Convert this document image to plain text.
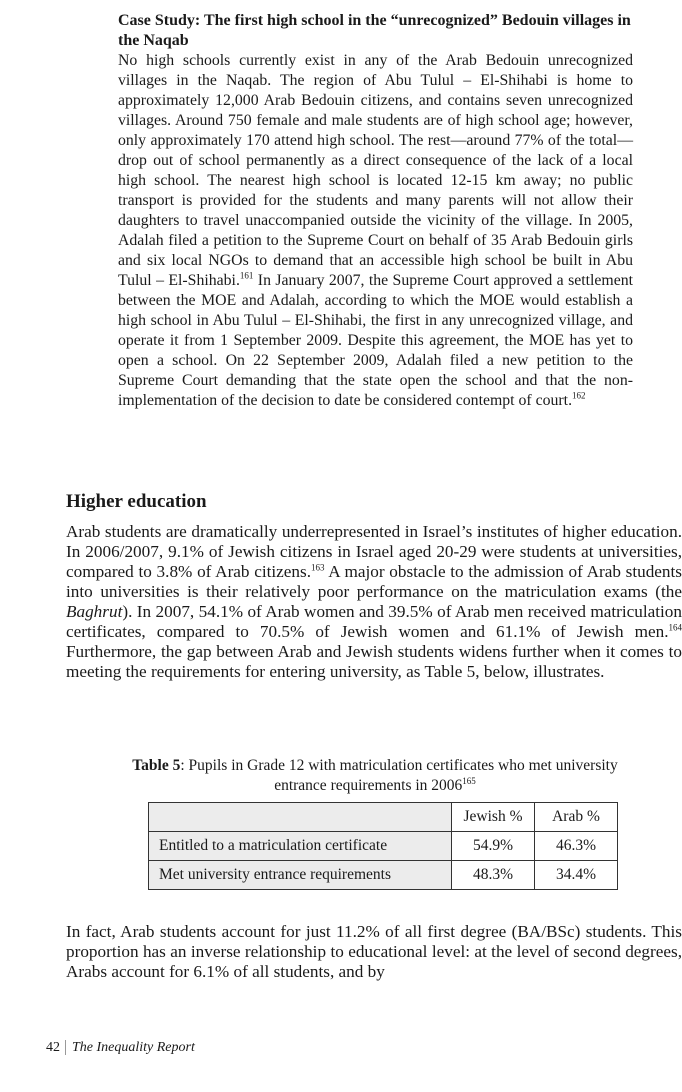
Case Study: The first high school in the “unrecognized” Bedouin villages in the Naqab

No high schools currently exist in any of the Arab Bedouin unrecognized villages in the Naqab. The region of Abu Tulul – El-Shihabi is home to approximately 12,000 Arab Bedouin citizens, and contains seven unrecognized villages. Around 750 female and male students are of high school age; however, only approximately 170 attend high school. The rest—around 77% of the total—drop out of school permanently as a direct consequence of the lack of a local high school. The nearest high school is located 12-15 km away; no public transport is provided for the students and many parents will not allow their daughters to travel unaccompanied outside the vicinity of the village. In 2005, Adalah filed a petition to the Supreme Court on behalf of 35 Arab Bedouin girls and six local NGOs to demand that an accessible high school be built in Abu Tulul – El-Shihabi.$^{161}$ In January 2007, the Supreme Court approved a settlement between the MOE and Adalah, according to which the MOE would establish a high school in Abu Tulul – El-Shihabi, the first in any unrecognized village, and operate it from 1 September 2009. Despite this agreement, the MOE has yet to open a school. On 22 September 2009, Adalah filed a new petition to the Supreme Court demanding that the state open the school and that the non-implementation of the decision to date be considered contempt of court.$^{162}$

Higher education

Arab students are dramatically underrepresented in Israel’s institutes of higher education. In 2006/2007, 9.1% of Jewish citizens in Israel aged 20-29 were students at universities, compared to 3.8% of Arab citizens.$^{163}$ A major obstacle to the admission of Arab students into universities is their relatively poor performance on the matriculation exams (the Baghrut). In 2007, 54.1% of Arab women and 39.5% of Arab men received matriculation certificates, compared to 70.5% of Jewish women and 61.1% of Jewish men.$^{164}$ Furthermore, the gap between Arab and Jewish students widens further when it comes to meeting the requirements for entering university, as Table 5, below, illustrates.

Table 5: Pupils in Grade 12 with matriculation certificates who met university entrance requirements in 2006$^{165}$

	Jewish %	Arab %
Entitled to a matriculation certificate	54.9%	46.3%
Met university entrance requirements	48.3%	34.4%

In fact, Arab students account for just 11.2% of all first degree (BA/BSc) students. This proportion has an inverse relationship to educational level: at the level of second degrees, Arabs account for 6.1% of all students, and by

42 The Inequality Report
